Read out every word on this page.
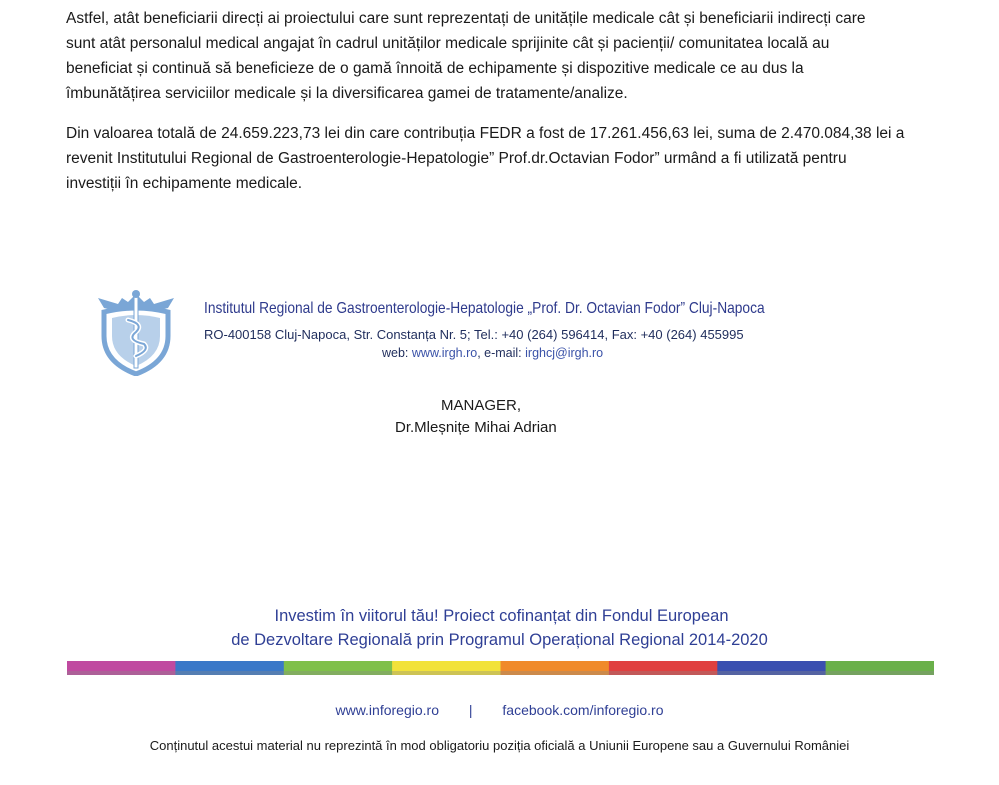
Astfel, atât beneficiarii direcți ai proiectului care sunt reprezentați de unitățile medicale cât și beneficiarii indirecți care
sunt atât personalul medical angajat în cadrul unităților medicale sprijinite cât și pacienții/ comunitatea locală au
beneficiat și continuă să beneficieze de o gamă înnoită de echipamente și dispozitive medicale ce au dus la
îmbunătățirea serviciilor medicale și la diversificarea gamei de tratamente/analize.
Din valoarea totală de 24.659.223,73 lei din care contribuția FEDR a fost de 17.261.456,63 lei, suma de 2.470.084,38 lei a
revenit Institutului Regional de Gastroenterologie-Hepatologie” Prof.dr.Octavian Fodor” urmând a fi utilizată pentru
investiții în echipamente medicale.
Institutul Regional de Gastroenterologie-Hepatologie „Prof. Dr. Octavian Fodor” Cluj-Napoca
RO-400158 Cluj-Napoca, Str. Constanța Nr. 5; Tel.: +40 (264) 596414, Fax: +40 (264) 455995
web: www.irgh.ro, e-mail: irghcj@irgh.ro
MANAGER,
Dr.Mleșnițe Mihai Adrian
Investim în viitorul tău! Proiect cofinanțat din Fondul European
de Dezvoltare Regională prin Programul Operațional Regional 2014-2020
www.inforegio.ro | facebook.com/inforegio.ro
Conținutul acestui material nu reprezintă în mod obligatoriu poziția oficială a Uniunii Europene sau a Guvernului României
